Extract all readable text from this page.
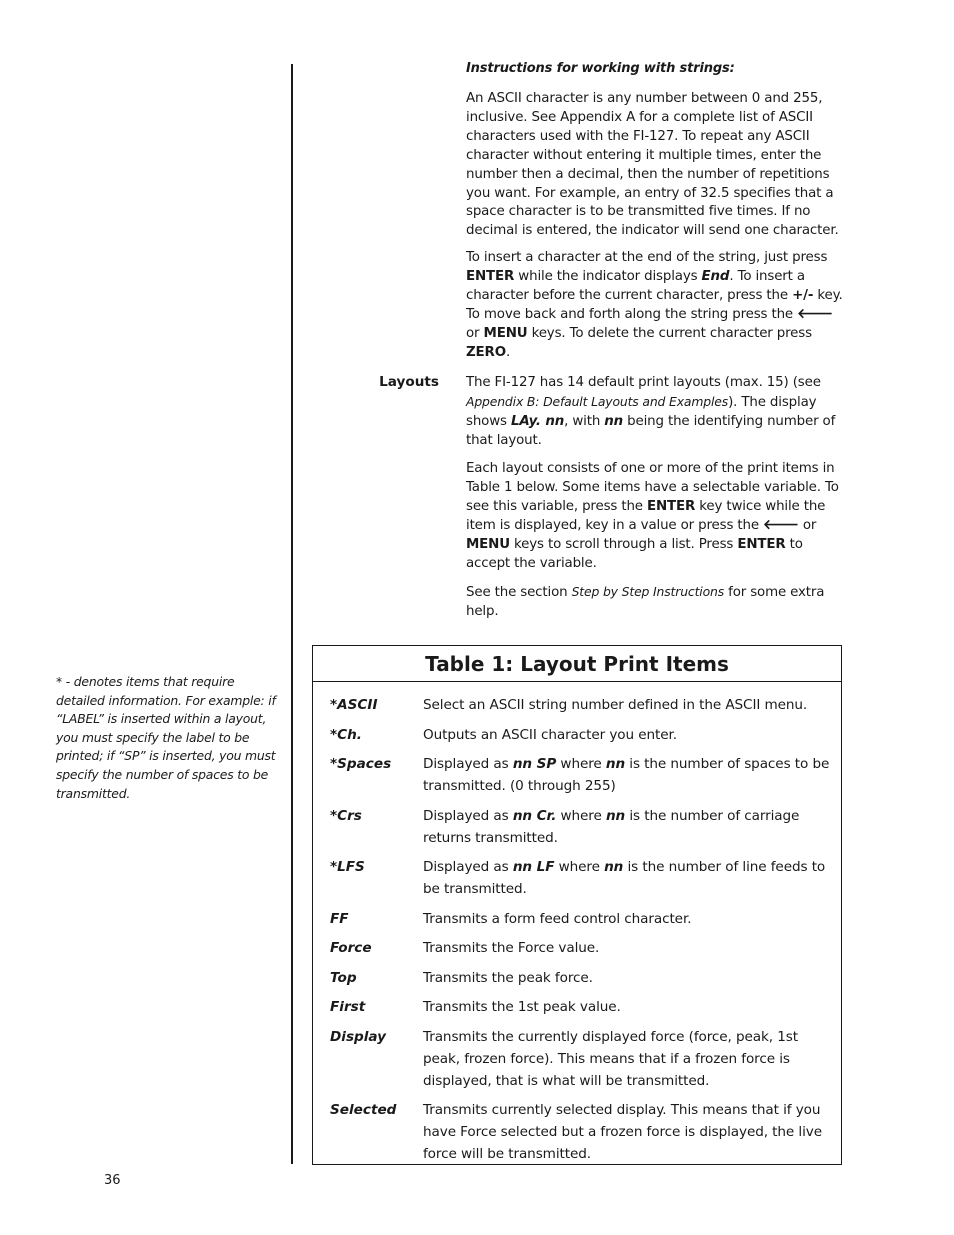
Instructions for working with strings:

An ASCII character is any number between 0 and 255, inclusive. See Appendix A for a complete list of ASCII characters used with the FI-127. To repeat any ASCII character without entering it multiple times, enter the number then a decimal, then the number of repetitions you want. For example, an entry of 32.5 specifies that a space character is to be transmitted five times. If no decimal is entered, the indicator will send one character.

To insert a character at the end of the string, just press ENTER while the indicator displays End. To insert a character before the current character, press the +/- key. To move back and forth along the string press the 🡐 or MENU keys. To delete the current character press ZERO.

Layouts The FI-127 has 14 default print layouts (max. 15) (see Appendix B: Default Layouts and Examples). The display shows LAy. nn, with nn being the identifying number of that layout.

Each layout consists of one or more of the print items in Table 1 below. Some items have a selectable variable. To see this variable, press the ENTER key twice while the item is displayed, key in a value or press the 🡐 or MENU keys to scroll through a list. Press ENTER to accept the variable.

See the section Step by Step Instructions for some extra help.

* - denotes items that require detailed information. For example: if “LABEL” is inserted within a layout, you must specify the label to be printed; if “SP” is inserted, you must specify the number of spaces to be transmitted.
Table 1: Layout Print Items
*ASCII	Select an ASCII string number defined in the ASCII menu.
*Ch.	Outputs an ASCII character you enter.
*Spaces	Displayed as nn SP where nn is the number of spaces to be transmitted. (0 through 255)
*Crs	Displayed as nn Cr. where nn is the number of carriage returns transmitted.
*LFS	Displayed as nn LF where nn is the number of line feeds to be transmitted.
FF	Transmits a form feed control character.
Force	Transmits the Force value.
Top	Transmits the peak force.
First	Transmits the 1st peak value.
Display	Transmits the currently displayed force (force, peak, 1st peak, frozen force). This means that if a frozen force is displayed, that is what will be transmitted.
Selected	Transmits currently selected display. This means that if you have Force selected but a frozen force is displayed, the live force will be transmitted.
36
